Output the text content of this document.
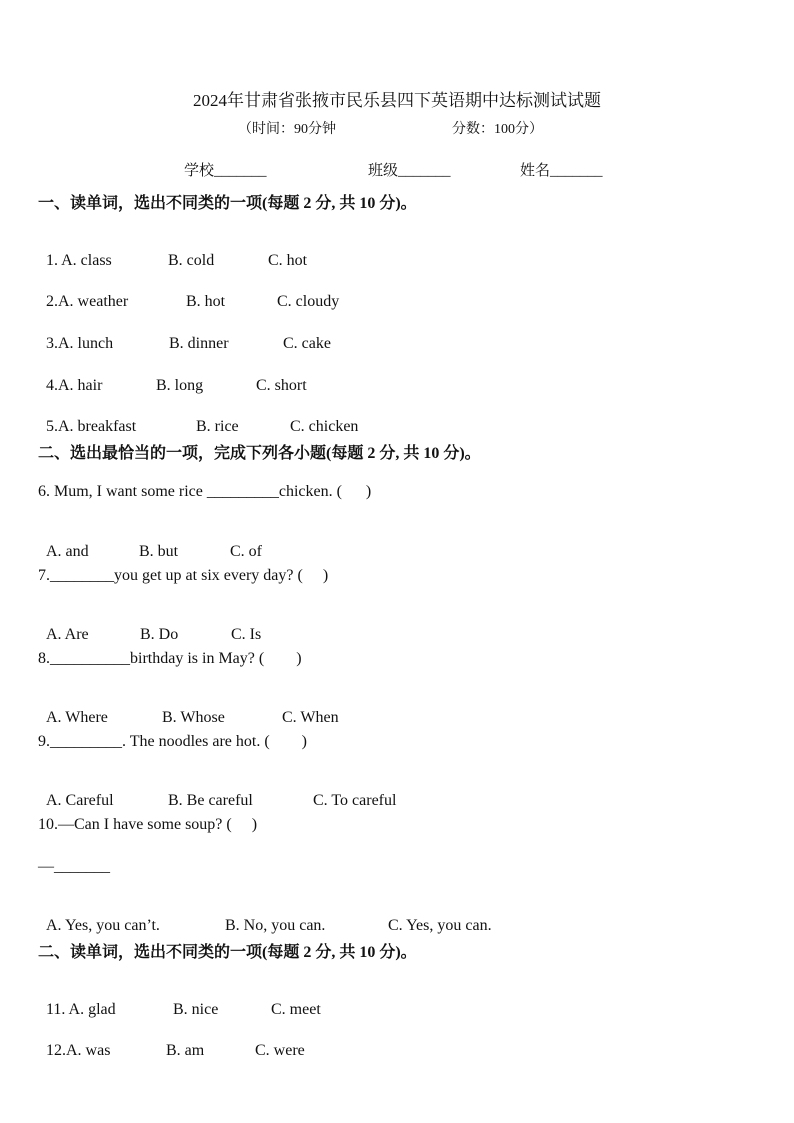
2024年甘肃省张掖市民乐县四下英语期中达标测试试题
（时间：90分钟	分数：100分）
学校_______	班级_______	姓名_______
一、读单词，选出不同类的一项(每题 2 分, 共 10 分)。

1. A. class	B. cold	C. hot

2.A. weather	B. hot	C. cloudy

3.A. lunch	B. dinner	C. cake

4.A. hair	B. long	C. short

5.A. breakfast	B. rice	C. chicken

二、选出最恰当的一项，完成下列各小题(每题 2 分, 共 10 分)。
6. Mum, I want some rice _________chicken. (      )

A. and	B. but	C. of

7.________you get up at six every day? (     )

A. Are	B. Do	C. Is

8.__________birthday is in May? (        )

A. Where	B. Whose	C. When

9._________. The noodles are hot. (        )

A. Careful	B. Be careful	C. To careful

10.—Can I have some soup? (     )
—_______

A. Yes, you can’t.	B. No, you can.	C. Yes, you can.

二、读单词，选出不同类的一项(每题 2 分, 共 10 分)。

11. A. glad	B. nice	C. meet

12.A. was	B. am	C. were
